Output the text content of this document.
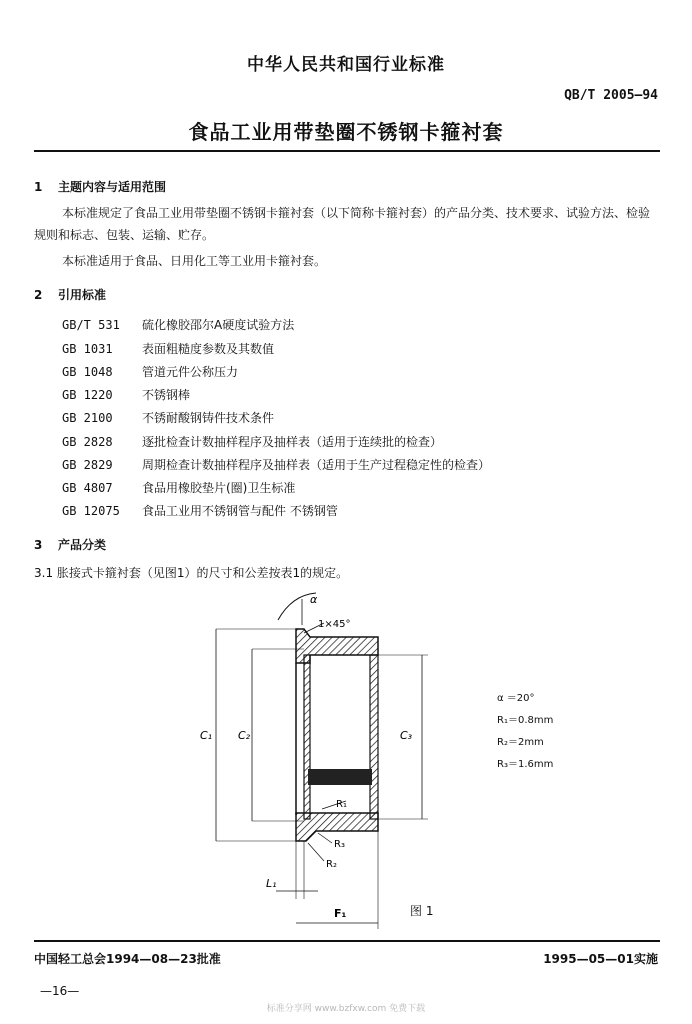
中华人民共和国行业标准
QB/T 2005—94
食品工业用带垫圈不锈钢卡箍衬套
1 主题内容与适用范围
本标准规定了食品工业用带垫圈不锈钢卡箍衬套（以下简称卡箍衬套）的产品分类、技术要求、试验方法、检验规则和标志、包装、运输、贮存。
本标准适用于食品、日用化工等工业用卡箍衬套。
2 引用标准
GB/T 531 硫化橡胶邵尔A硬度试验方法
GB 1031 表面粗糙度参数及其数值
GB 1048 管道元件公称压力
GB 1220 不锈钢棒
GB 2100 不锈耐酸钢铸件技术条件
GB 2828 逐批检查计数抽样程序及抽样表（适用于连续批的检查）
GB 2829 周期检查计数抽样程序及抽样表（适用于生产过程稳定性的检查）
GB 4807 食品用橡胶垫片(圈)卫生标准
GB 12075 食品工业用不锈钢管与配件 不锈钢管
3 产品分类
3.1 胀接式卡箍衬套（见图1）的尺寸和公差按表1的规定。
α
1×45°
C₁ C₂	C₃
R₁
R₃
R₂
L₁
F₁
α ＝20°
R₁＝0.8mm
R₂＝2mm
R₃＝1.6mm
图 1
中国轻工总会1994—08—23批准	1995—05—01实施
—16—
标准分享网 www.bzfxw.com 免费下载
